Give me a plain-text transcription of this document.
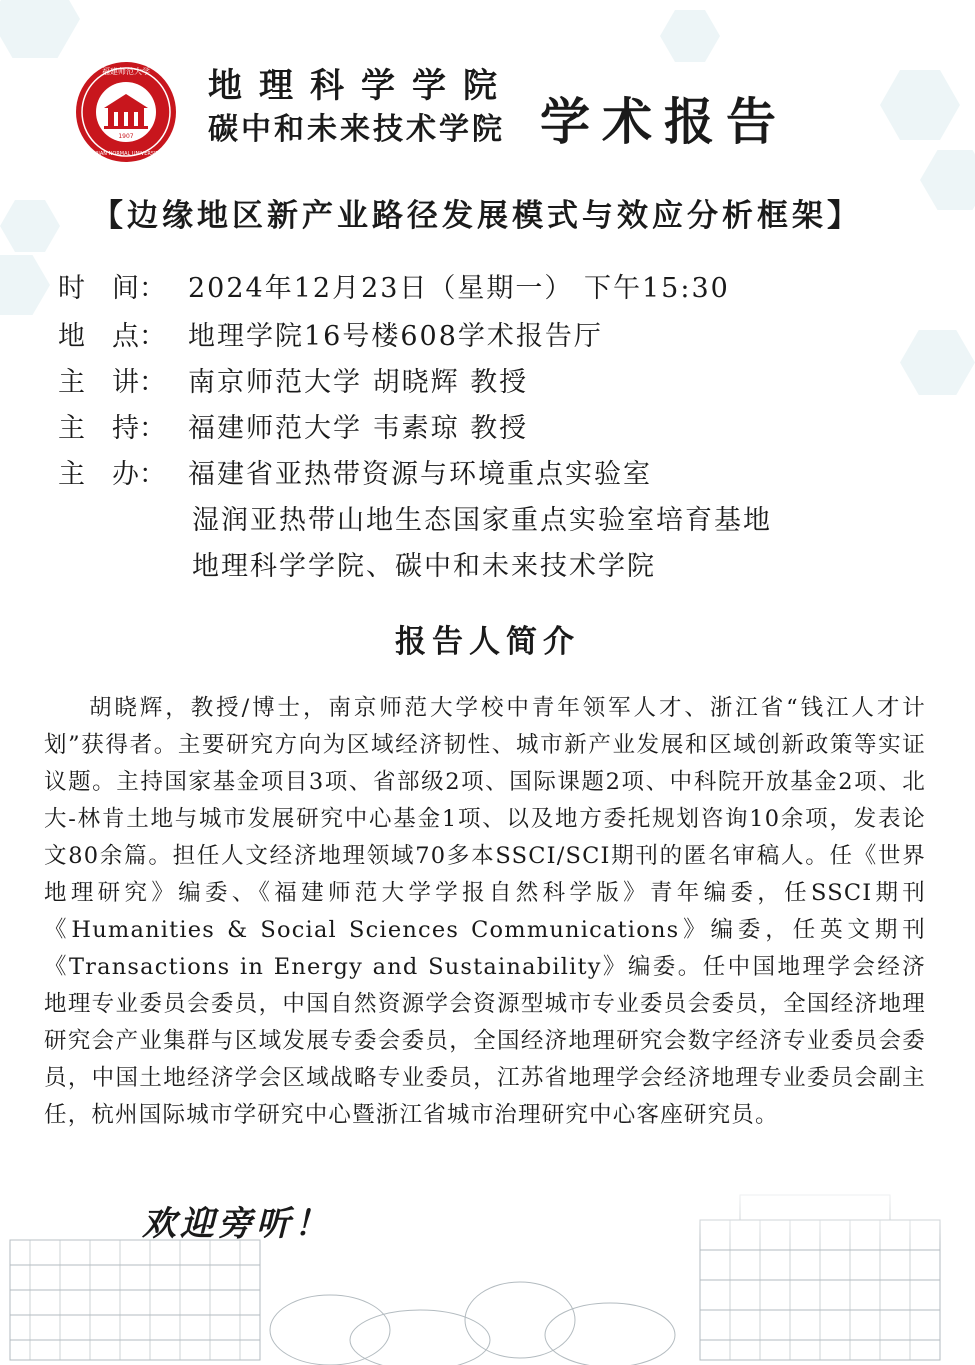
1907
福建师范大学
FUJIAN NORMAL UNIVERSITY
地理科学学院
碳中和未来技术学院 学术报告
【边缘地区新产业路径发展模式与效应分析框架】
时　间： 2024年12月23日（星期一） 下午15:30
地　点： 地理学院16号楼608学术报告厅
主　讲： 南京师范大学 胡晓辉 教授
主　持： 福建师范大学 韦素琼 教授
主　办： 福建省亚热带资源与环境重点实验室
湿润亚热带山地生态国家重点实验室培育基地
地理科学学院、碳中和未来技术学院
报告人简介
胡晓辉，教授/博士，南京师范大学校中青年领军人才、浙江省“钱江人才计划”获得者。主要研究方向为区域经济韧性、城市新产业发展和区域创新政策等实证议题。主持国家基金项目3项、省部级2项、国际课题2项、中科院开放基金2项、北大-林肯土地与城市发展研究中心基金1项、以及地方委托规划咨询10余项，发表论文80余篇。担任人文经济地理领域70多本SSCI/SCI期刊的匿名审稿人。任《世界地理研究》编委、《福建师范大学学报自然科学版》青年编委，任SSCI期刊《Humanities & Social Sciences Communications》编委，任英文期刊《Transactions in Energy and Sustainability》编委。任中国地理学会经济地理专业委员会委员，中国自然资源学会资源型城市专业委员会委员，全国经济地理研究会产业集群与区域发展专委会委员，全国经济地理研究会数字经济专业委员会委员，中国土地经济学会区域战略专业委员，江苏省地理学会经济地理专业委员会副主任，杭州国际城市学研究中心暨浙江省城市治理研究中心客座研究员。
欢迎旁听！
